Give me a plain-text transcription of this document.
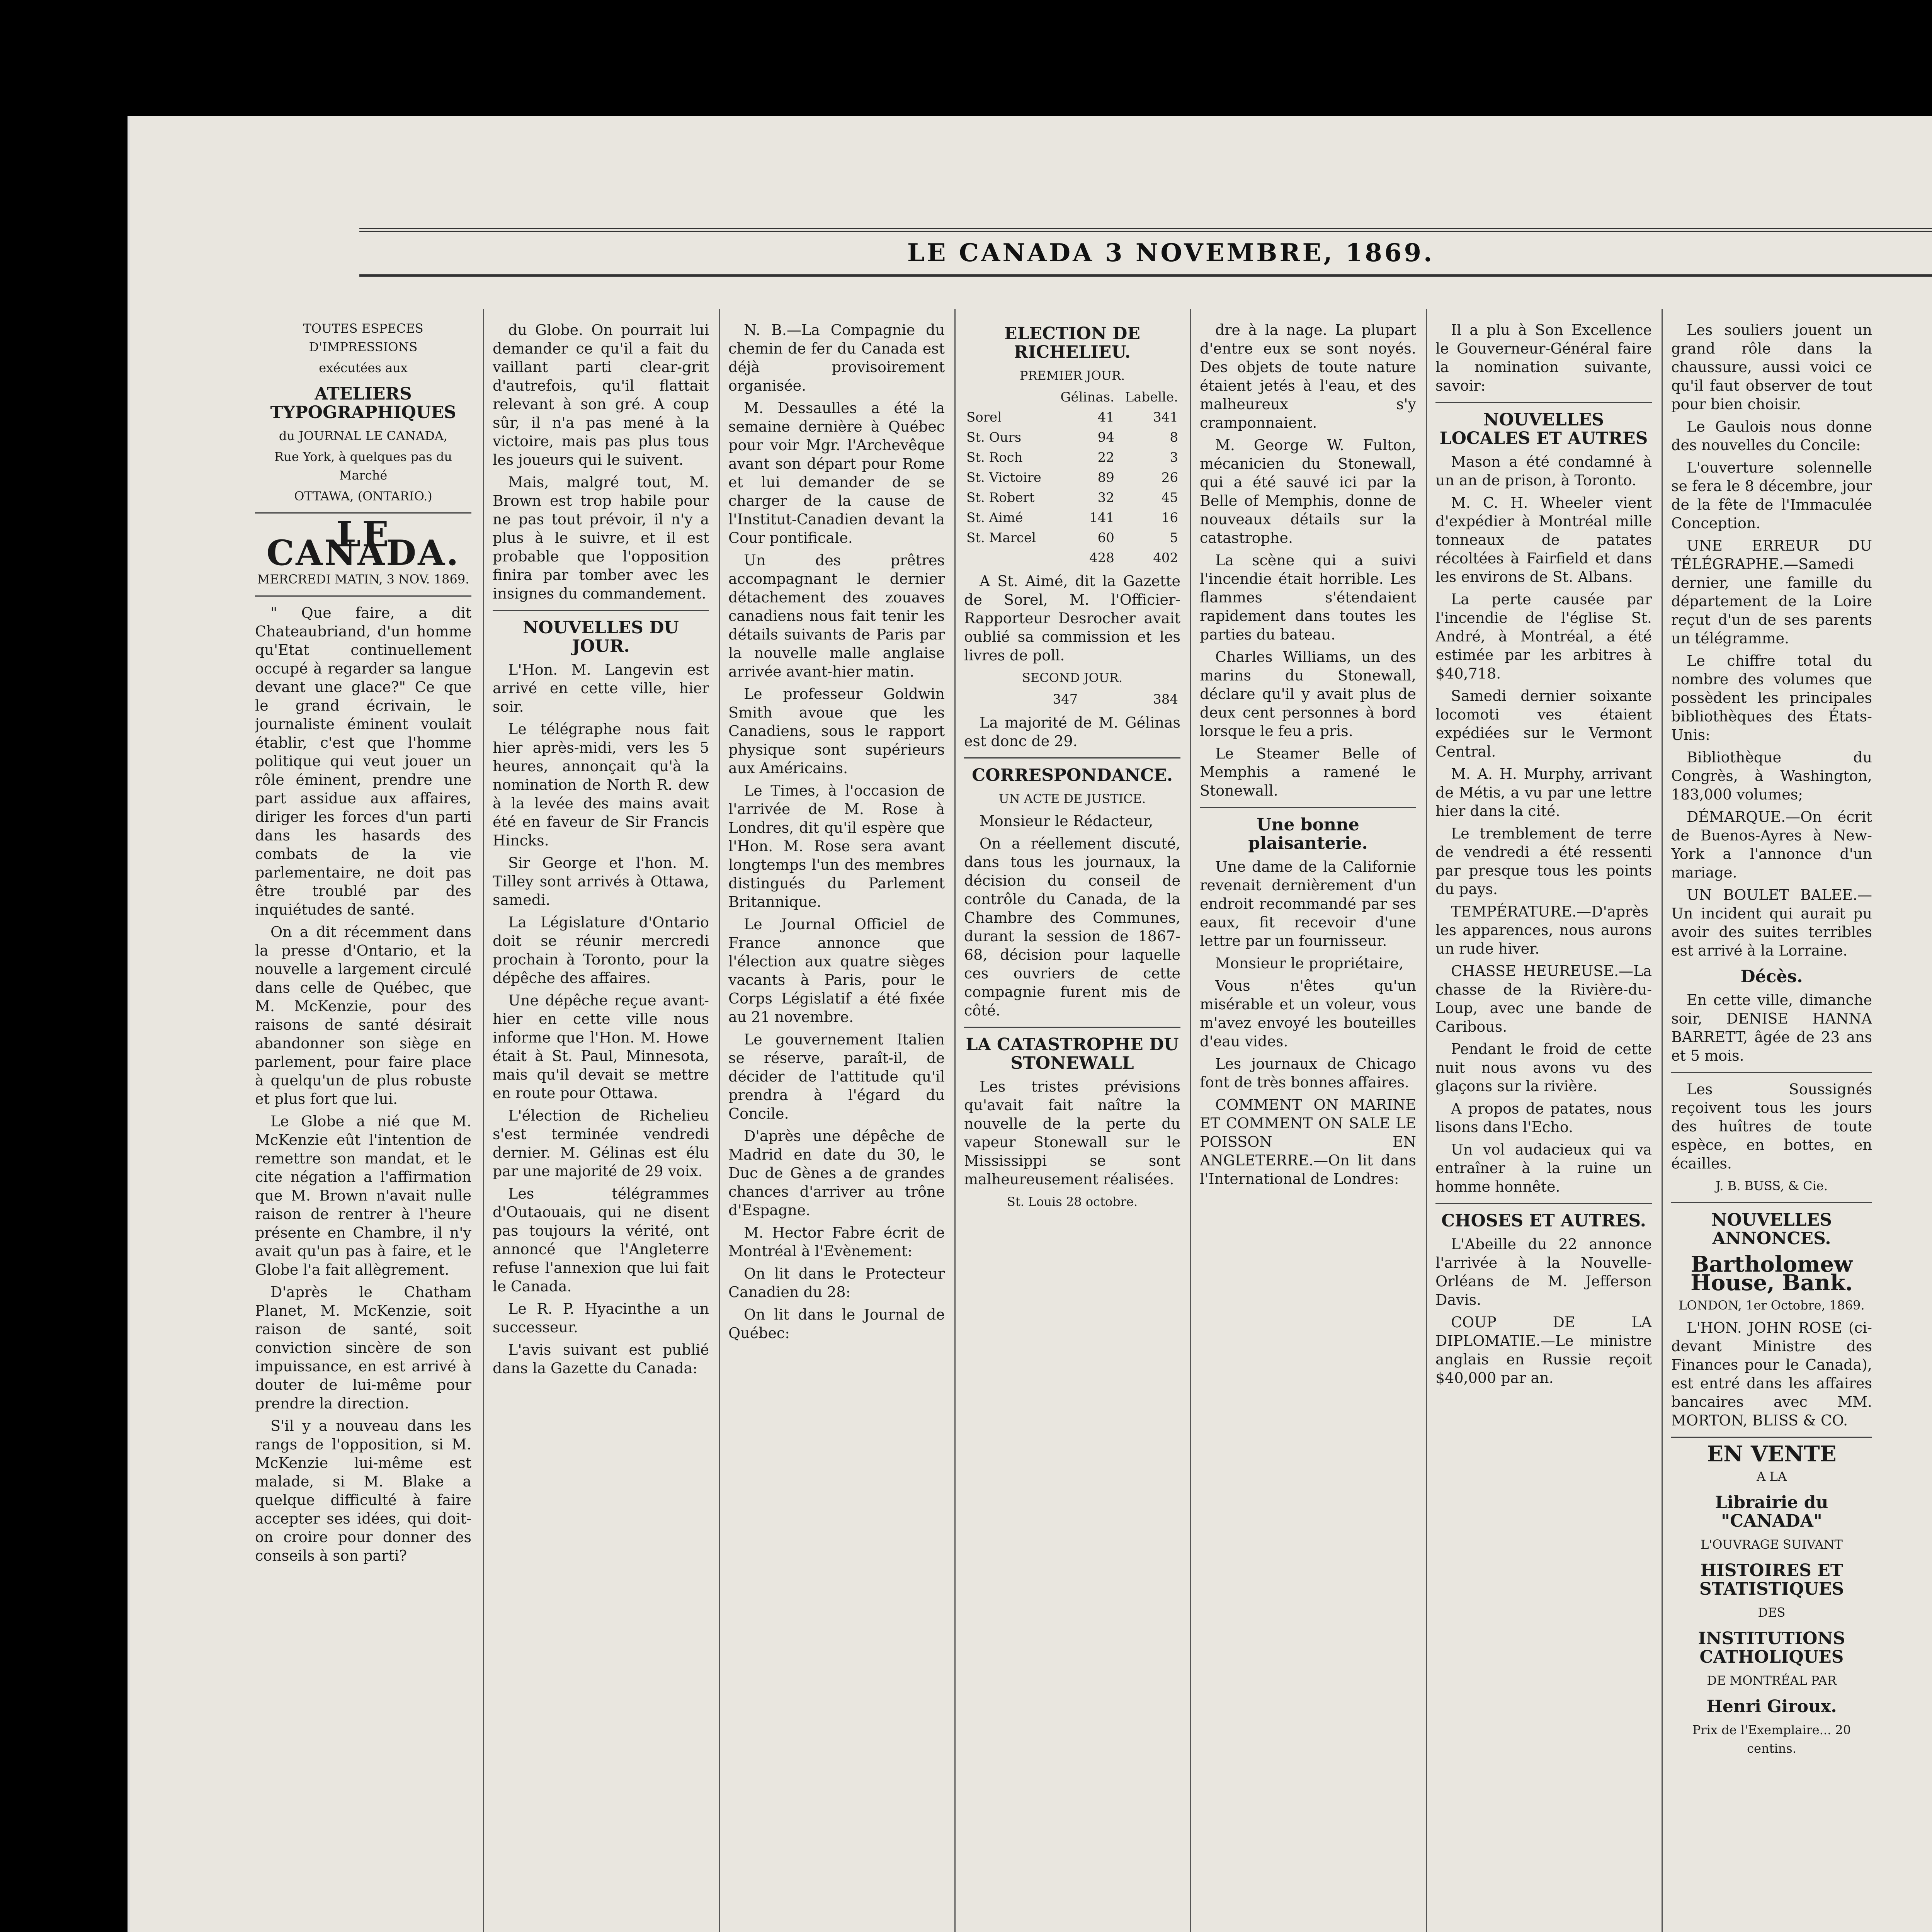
LE CANADA 3 NOVEMBRE, 1869.
TOUTES ESPECES D'IMPRESSIONS
exécutées aux
ATELIERS TYPOGRAPHIQUES
du JOURNAL LE CANADA,
Rue York, à quelques pas du Marché
OTTAWA, (ONTARIO.)
LE CANADA.
MERCREDI MATIN, 3 NOV. 1869.

" Que faire, a dit Chateaubriand, d'un homme qu'Etat continuellement occupé à regarder sa langue devant une glace?" Ce que le grand écrivain, le journaliste éminent voulait établir, c'est que l'homme politique qui veut jouer un rôle éminent, prendre une part assidue aux affaires, diriger les forces d'un parti dans les hasards des combats de la vie parlementaire, ne doit pas être troublé par des inquiétudes de santé.

On a dit récemment dans la presse d'Ontario, et la nouvelle a largement circulé dans celle de Québec, que M. McKenzie, pour des raisons de santé désirait abandonner son siège en parlement, pour faire place à quelqu'un de plus robuste et plus fort que lui.

Le Globe a nié que M. McKenzie eût l'intention de remettre son mandat, et le cite négation a l'affirmation que M. Brown n'avait nulle raison de rentrer à l'heure présente en Chambre, il n'y avait qu'un pas à faire, et le Globe l'a fait allègrement.

D'après le Chatham Planet, M. McKenzie, soit raison de santé, soit conviction sincère de son impuissance, en est arrivé à douter de lui-même pour prendre la direction.

S'il y a nouveau dans les rangs de l'opposition, si M. McKenzie lui-même est malade, si M. Blake a quelque difficulté à faire accepter ses idées, qui doit-on croire pour donner des conseils à son parti?

du Globe. On pourrait lui demander ce qu'il a fait du vaillant parti clear-grit d'autrefois, qu'il flattait relevant à son gré. A coup sûr, il n'a pas mené à la victoire, mais pas plus tous les joueurs qui le suivent.

Mais, malgré tout, M. Brown est trop habile pour ne pas tout prévoir, il n'y a plus à le suivre, et il est probable que l'opposition finira par tomber avec les insignes du commandement.

NOUVELLES DU JOUR.

L'Hon. M. Langevin est arrivé en cette ville, hier soir.

Le télégraphe nous fait hier après-midi, vers les 5 heures, annonçait qu'à la nomination de North R. dew à la levée des mains avait été en faveur de Sir Francis Hincks.

Sir George et l'hon. M. Tilley sont arrivés à Ottawa, samedi.

La Législature d'Ontario doit se réunir mercredi prochain à Toronto, pour la dépêche des affaires.

Une dépêche reçue avant-hier en cette ville nous informe que l'Hon. M. Howe était à St. Paul, Minnesota, mais qu'il devait se mettre en route pour Ottawa.

L'élection de Richelieu s'est terminée vendredi dernier. M. Gélinas est élu par une majorité de 29 voix.

Les télégrammes d'Outaouais, qui ne disent pas toujours la vérité, ont annoncé que l'Angleterre refuse l'annexion que lui fait le Canada.

Le R. P. Hyacinthe a un successeur.

L'avis suivant est publié dans la Gazette du Canada:

N. B.—La Compagnie du chemin de fer du Canada est déjà provisoirement organisée.

M. Dessaulles a été la semaine dernière à Québec pour voir Mgr. l'Archevêque avant son départ pour Rome et lui demander de se charger de la cause de l'Institut-Canadien devant la Cour pontificale.

Un des prêtres accompagnant le dernier détachement des zouaves canadiens nous fait tenir les détails suivants de Paris par la nouvelle malle anglaise arrivée avant-hier matin.

Le professeur Goldwin Smith avoue que les Canadiens, sous le rapport physique sont supérieurs aux Américains.

Le Times, à l'occasion de l'arrivée de M. Rose à Londres, dit qu'il espère que l'Hon. M. Rose sera avant longtemps l'un des membres distingués du Parlement Britannique.

Le Journal Officiel de France annonce que l'élection aux quatre sièges vacants à Paris, pour le Corps Législatif a été fixée au 21 novembre.

Le gouvernement Italien se réserve, paraît-il, de décider de l'attitude qu'il prendra à l'égard du Concile.

D'après une dépêche de Madrid en date du 30, le Duc de Gènes a de grandes chances d'arriver au trône d'Espagne.

M. Hector Fabre écrit de Montréal à l'Evènement:

On lit dans le Protecteur Canadien du 28:

On lit dans le Journal de Québec:

ELECTION DE RICHELIEU.
PREMIER JOUR.
	Gélinas.	Labelle.
Sorel	41	341
St. Ours	94	8
St. Roch	22	3
St. Victoire	89	26
St. Robert	32	45
St. Aimé	141	16
St. Marcel	60	5
	428	402

A St. Aimé, dit la Gazette de Sorel, M. l'Officier-Rapporteur Desrocher avait oublié sa commission et les livres de poll.

SECOND JOUR.
	347	384

La majorité de M. Gélinas est donc de 29.

CORRESPONDANCE.
UN ACTE DE JUSTICE.

Monsieur le Rédacteur,

On a réellement discuté, dans tous les journaux, la décision du conseil de contrôle du Canada, de la Chambre des Communes, durant la session de 1867-68, décision pour laquelle ces ouvriers de cette compagnie furent mis de côté.

LA CATASTROPHE DU STONEWALL

Les tristes prévisions qu'avait fait naître la nouvelle de la perte du vapeur Stonewall sur le Mississippi se sont malheureusement réalisées.

St. Louis 28 octobre.

dre à la nage. La plupart d'entre eux se sont noyés. Des objets de toute nature étaient jetés à l'eau, et des malheureux s'y cramponnaient.

M. George W. Fulton, mécanicien du Stonewall, qui a été sauvé ici par la Belle of Memphis, donne de nouveaux détails sur la catastrophe.

La scène qui a suivi l'incendie était horrible. Les flammes s'étendaient rapidement dans toutes les parties du bateau.

Charles Williams, un des marins du Stonewall, déclare qu'il y avait plus de deux cent personnes à bord lorsque le feu a pris.

Le Steamer Belle of Memphis a ramené le Stonewall.

Une bonne plaisanterie.

Une dame de la Californie revenait dernièrement d'un endroit recommandé par ses eaux, fit recevoir d'une lettre par un fournisseur.

Monsieur le propriétaire,

Vous n'êtes qu'un misérable et un voleur, vous m'avez envoyé les bouteilles d'eau vides.

Les journaux de Chicago font de très bonnes affaires.

COMMENT ON MARINE ET COMMENT ON SALE LE POISSON EN ANGLETERRE.—On lit dans l'International de Londres:

Il a plu à Son Excellence le Gouverneur-Général faire la nomination suivante, savoir:

NOUVELLES LOCALES ET AUTRES

Mason a été condamné à un an de prison, à Toronto.

M. C. H. Wheeler vient d'expédier à Montréal mille tonneaux de patates récoltées à Fairfield et dans les environs de St. Albans.

La perte causée par l'incendie de l'église St. André, à Montréal, a été estimée par les arbitres à $40,718.

Samedi dernier soixante locomoti ves étaient expédiées sur le Vermont Central.

M. A. H. Murphy, arrivant de Métis, a vu par une lettre hier dans la cité.

Le tremblement de terre de vendredi a été ressenti par presque tous les points du pays.

TEMPÉRATURE.—D'après les apparences, nous aurons un rude hiver.

CHASSE HEUREUSE.—La chasse de la Rivière-du-Loup, avec une bande de Caribous.

Pendant le froid de cette nuit nous avons vu des glaçons sur la rivière.

A propos de patates, nous lisons dans l'Echo.

Un vol audacieux qui va entraîner à la ruine un homme honnête.

CHOSES ET AUTRES.

L'Abeille du 22 annonce l'arrivée à la Nouvelle-Orléans de M. Jefferson Davis.

COUP DE LA DIPLOMATIE.—Le ministre anglais en Russie reçoit $40,000 par an.

Les souliers jouent un grand rôle dans la chaussure, aussi voici ce qu'il faut observer de tout pour bien choisir.

Le Gaulois nous donne des nouvelles du Concile:

L'ouverture solennelle se fera le 8 décembre, jour de la fête de l'Immaculée Conception.

UNE ERREUR DU TÉLÉGRAPHE.—Samedi dernier, une famille du département de la Loire reçut d'un de ses parents un télégramme.

Le chiffre total du nombre des volumes que possèdent les principales bibliothèques des États-Unis:

Bibliothèque du Congrès, à Washington, 183,000 volumes;

DÉMARQUE.—On écrit de Buenos-Ayres à New-York a l'annonce d'un mariage.

UN BOULET BALEE.—Un incident qui aurait pu avoir des suites terribles est arrivé à la Lorraine.

Décès.

En cette ville, dimanche soir, DENISE HANNA BARRETT, âgée de 23 ans et 5 mois.

Les Soussignés reçoivent tous les jours des huîtres de toute espèce, en bottes, en écailles.

J. B. BUSS, & Cie.
NOUVELLES ANNONCES.
Bartholomew House, Bank.
LONDON, 1er Octobre, 1869.

L'HON. JOHN ROSE (ci-devant Ministre des Finances pour le Canada), est entré dans les affaires bancaires avec MM. MORTON, BLISS & CO.

EN VENTE
A LA
Librairie du "CANADA"
L'OUVRAGE SUIVANT
HISTOIRES ET STATISTIQUES
DES
INSTITUTIONS CATHOLIQUES
DE MONTRÉAL PAR
Henri Giroux.
Prix de l'Exemplaire... 20 centins.
